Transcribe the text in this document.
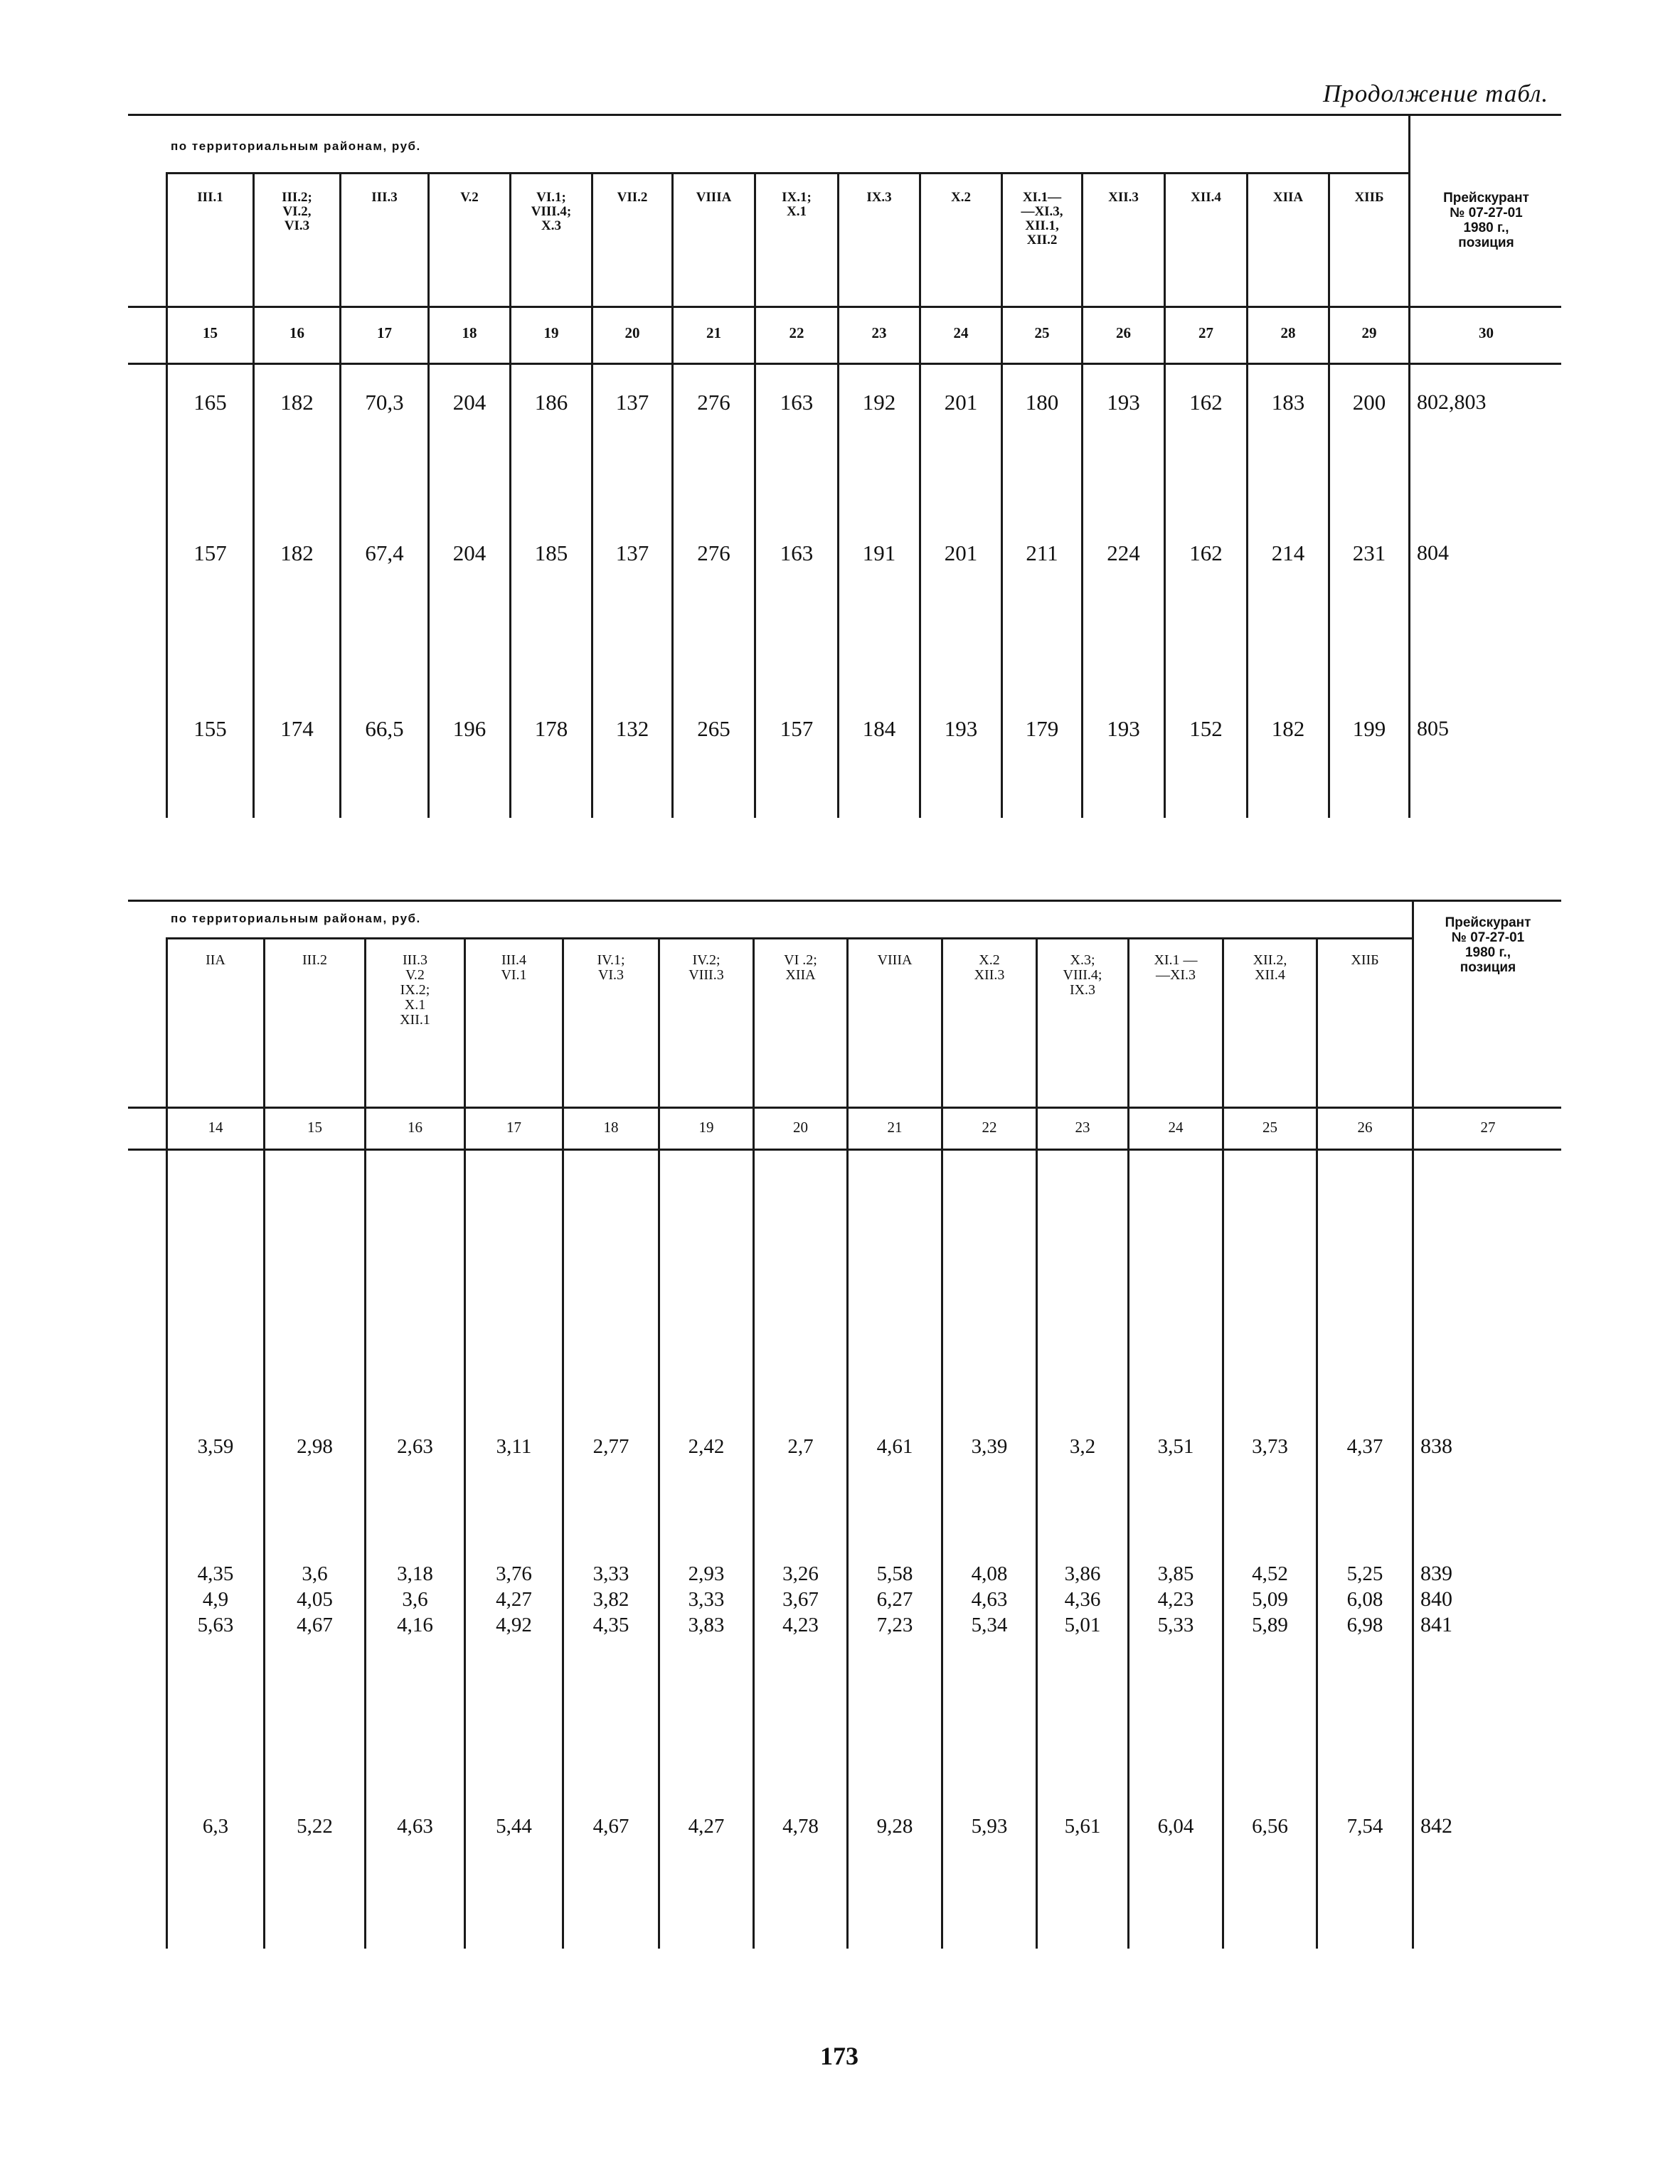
Продолжение табл.
по территориальным районам, руб.
III.1
15
165
157
155
III.2;
VI.2,
VI.3
16
182
182
174
III.3
17
70,3
67,4
66,5
V.2
18
204
204
196
VI.1;
VIII.4;
X.3
19
186
185
178
VII.2
20
137
137
132
VIIIA
21
276
276
265
IX.1;
X.1
22
163
163
157
IX.3
23
192
191
184
X.2
24
201
201
193
XI.1—
—XI.3,
XII.1,
XII.2
25
180
211
179
XII.3
26
193
224
193
XII.4
27
162
162
152
XIIA
28
183
214
182
XIIБ
29
200
231
199
Прейскурант
№ 07-27-01
1980 г.,
позиция
30
802,803
804
805
по территориальным районам, руб.
IIA
14
3,59
4,35
4,9
5,63
6,3
III.2
15
2,98
3,6
4,05
4,67
5,22
III.3
V.2
IX.2;
X.1
XII.1
16
2,63
3,18
3,6
4,16
4,63
III.4
VI.1
17
3,11
3,76
4,27
4,92
5,44
IV.1;
VI.3
18
2,77
3,33
3,82
4,35
4,67
IV.2;
VIII.3
19
2,42
2,93
3,33
3,83
4,27
VI .2;
XIIA
20
2,7
3,26
3,67
4,23
4,78
VIIIA
21
4,61
5,58
6,27
7,23
9,28
X.2
XII.3
22
3,39
4,08
4,63
5,34
5,93
X.3;
VIII.4;
IX.3
23
3,2
3,86
4,36
5,01
5,61
XI.1 —
—XI.3
24
3,51
3,85
4,23
5,33
6,04
XII.2,
XII.4
25
3,73
4,52
5,09
5,89
6,56
XIIБ
26
4,37
5,25
6,08
6,98
7,54
Прейскурант
№ 07-27-01
1980 г.,
позиция
27
838
839
840
841
842
173
